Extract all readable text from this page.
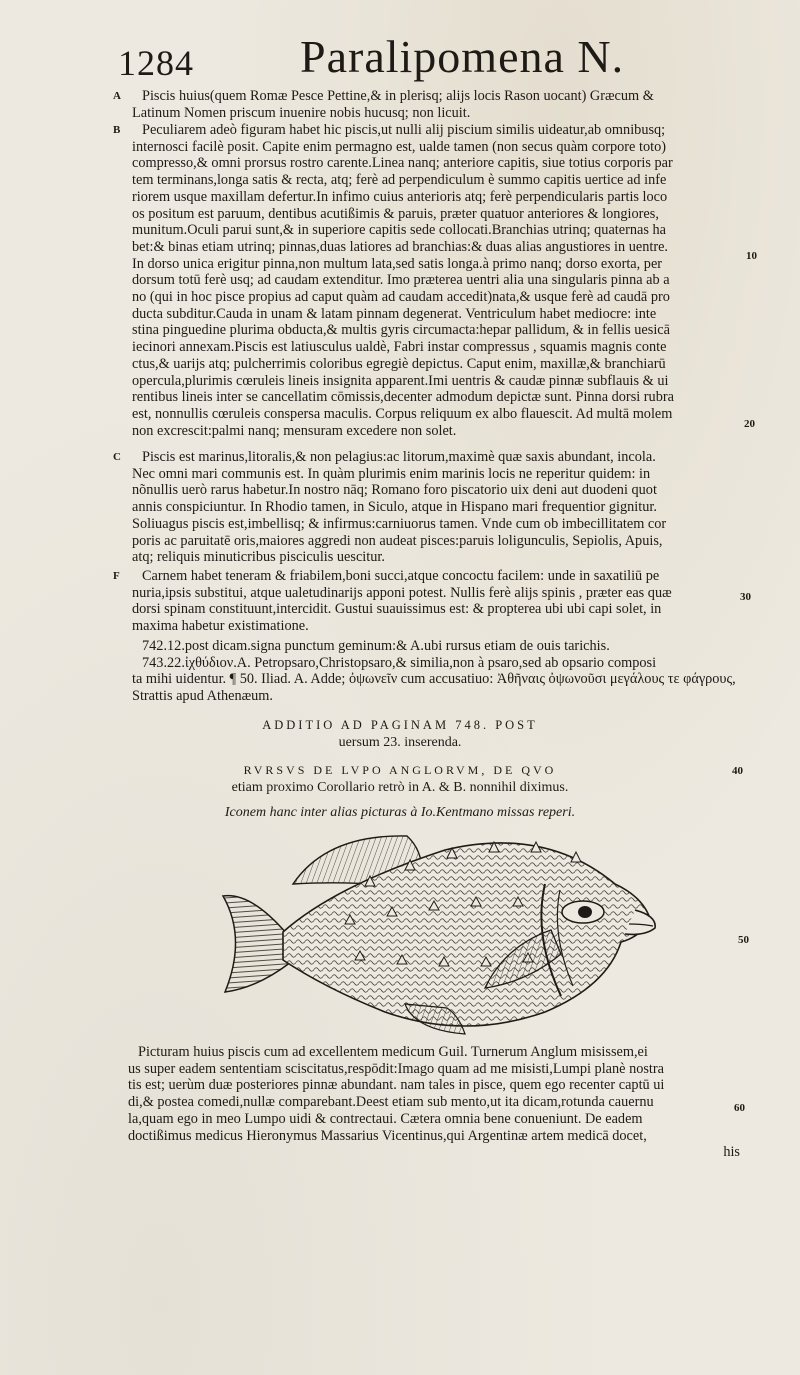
1284 Paralipomena N.
A	Piscis huius(quem Romæ Pesce Pettine,& in plerisq; alijs locis Rason uocant) Græcum &
Latinum Nomen priscum inuenire nobis hucusq; non licuit.
B	Peculiarem adeò figuram habet hic piscis,ut nulli alij piscium similis uideatur,ab omnibusq;
internosci facilè posit. Capite enim permagno est, ualde tamen (non secus quàm corpore toto)
compresso,& omni prorsus rostro carente.Linea nanq; anteriore capitis, siue totius corporis par
tem terminans,longa satis & recta, atq; ferè ad perpendiculum è summo capitis uertice ad infe
riorem usque maxillam defertur.In infimo cuius anterioris atq; ferè perpendicularis partis loco
os positum est paruum, dentibus acutißimis & paruis, præter quatuor anteriores & longiores,
munitum.Oculi parui sunt,& in superiore capitis sede collocati.Branchias utrinq; quaternas ha
bet:& binas etiam utrinq; pinnas,duas latiores ad branchias:& duas alias angustiores in uentre.
In dorso unica erigitur pinna,non multum lata,sed satis longa.à primo nanq; dorso exorta, per
dorsum totū ferè usq; ad caudam extenditur. Imo præterea uentri alia una singularis pinna ab a
no (qui in hoc pisce propius ad caput quàm ad caudam accedit)nata,& usque ferè ad caudā pro
ducta subditur.Cauda in unam & latam pinnam degenerat. Ventriculum habet mediocre: inte
stina pinguedine plurima obducta,& multis gyris circumacta:hepar pallidum, & in fellis uesicā
iecinori annexam.Piscis est latiusculus ualdè, Fabri instar compressus , squamis magnis conte
ctus,& uarijs atq; pulcherrimis coloribus egregiè depictus. Caput enim, maxillæ,& branchiarū
opercula,plurimis cœruleis lineis insignita apparent.Imi uentris & caudæ pinnæ subflauis & ui
rentibus lineis inter se cancellatim cōmissis,decenter admodum depictæ sunt. Pinna dorsi rubra
est, nonnullis cœruleis conspersa maculis. Corpus reliquum ex albo flauescit. Ad multā molem
non excrescit:palmi nanq; mensuram excedere non solet.
C	Piscis est marinus,litoralis,& non pelagius:ac litorum,maximè quæ saxis abundant, incola.
Nec omni mari communis est. In quàm plurimis enim marinis locis ne reperitur quidem: in
nõnullis uerò rarus habetur.In nostro nāq; Romano foro piscatorio uix deni aut duodeni quot
annis conspiciuntur. In Rhodio tamen, in Siculo, atque in Hispano mari frequentior gignitur.
Soliuagus piscis est,imbellisq; & infirmus:carniuorus tamen. Vnde cum ob imbecillitatem cor
poris ac paruitatē oris,maiores aggredi non audeat pisces:paruis loligunculis, Sepiolis, Apuis,
atq; reliquis minuticribus pisciculis uescitur.
F	Carnem habet teneram & friabilem,boni succi,atque concoctu facilem: unde in saxatiliū pe
nuria,ipsis substitui, atque ualetudinarijs apponi potest. Nullis ferè alijs spinis , præter eas quæ
dorsi spinam constituunt,intercidit. Gustui suauissimus est: & propterea ubi ubi capi solet, in
maxima habetur existimatione.
742.12.post dicam.signa punctum geminum:& A.ubi rursus etiam de ouis tarichis.
743.22.ἰχθύδιον.A. Petropsaro,Christopsaro,& similia,non à psaro,sed ab opsario composi
ta mihi uidentur. ¶ 50. Iliad. A. Adde; ὀψωνεῖν cum accusatiuo: Ἀθῆναις ὀψωνοῦσι μεγάλους τε φάγρους,
Strattis apud Athenæum.
ADDITIO AD PAGINAM 748. POST
uersum 23. inserenda.
RVRSVS DE LVPO ANGLORVM, DE QVO
etiam proximo Corollario retrò in A. & B. nonnihil diximus.
Iconem hanc inter alias picturas à Io.Kentmano missas reperi.
Picturam huius piscis cum ad excellentem medicum Guil. Turnerum Anglum misissem,ei
us super eadem sententiam sciscitatus,respōdit:Imago quam ad me misisti,Lumpi planè nostra
tis est; uerùm duæ posteriores pinnæ abundant. nam tales in pisce, quem ego recenter captū ui
di,& postea comedi,nullæ comparebant.Deest etiam sub mento,ut ita dicam,rotunda cauernu
la,quam ego in meo Lumpo uidi & contrectaui. Cætera omnia bene conueniunt. De eadem
doctißimus medicus Hieronymus Massarius Vicentinus,qui Argentinæ artem medicā docet,
his
10
20
30
40
50
60
